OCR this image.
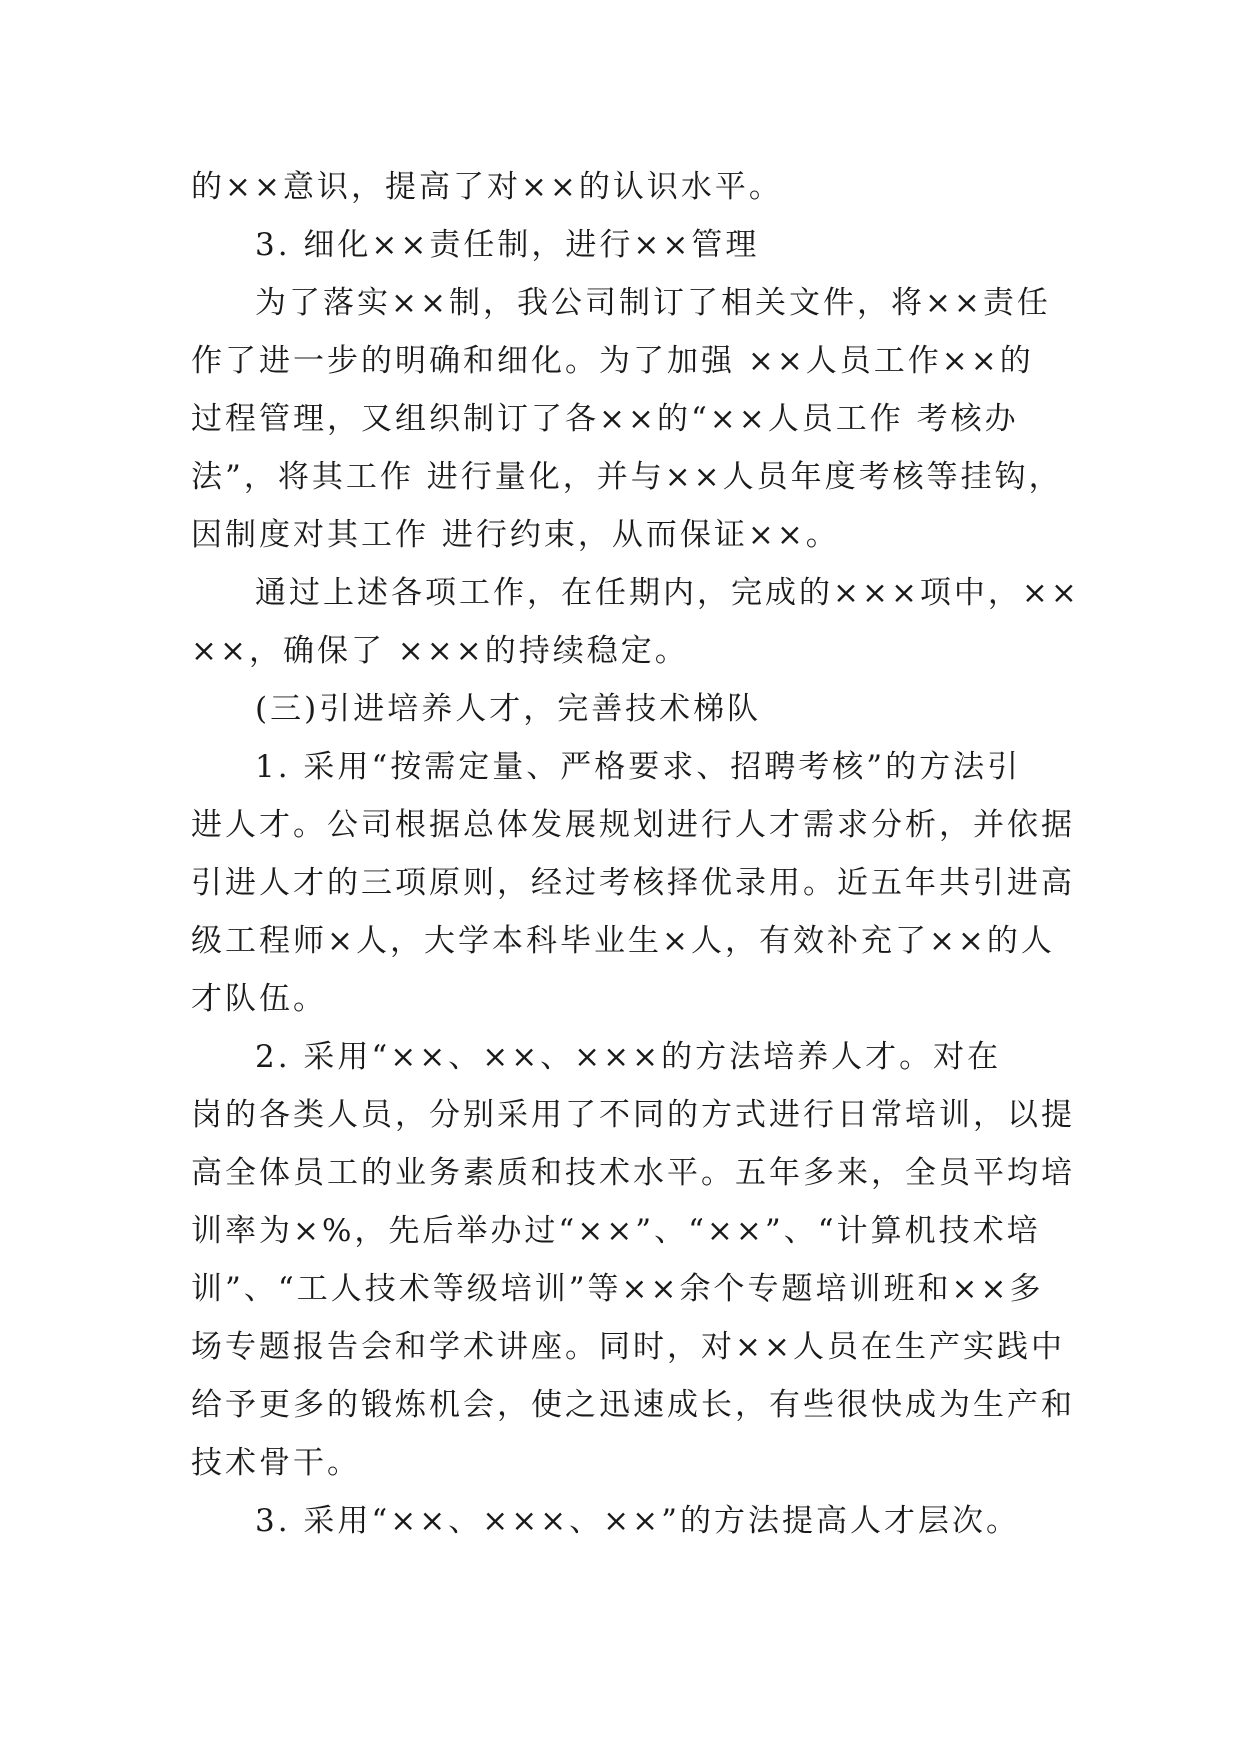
的××意识，提高了对××的认识水平。
3. 细化××责任制，进行××管理
为了落实××制，我公司制订了相关文件，将××责任
作了进一步的明确和细化。为了加强 ××人员工作××的
过程管理，又组织制订了各××的“××人员工作 考核办
法”，将其工作 进行量化，并与××人员年度考核等挂钩，
因制度对其工作 进行约束，从而保证××。
通过上述各项工作，在任期内，完成的×××项中，××
××，确保了 ×××的持续稳定。
(三)引进培养人才，完善技术梯队
1. 采用“按需定量、严格要求、招聘考核”的方法引
进人才。公司根据总体发展规划进行人才需求分析，并依据
引进人才的三项原则，经过考核择优录用。近五年共引进高
级工程师×人，大学本科毕业生×人，有效补充了××的人
才队伍。
2. 采用“××、××、×××的方法培养人才。对在
岗的各类人员，分别采用了不同的方式进行日常培训，以提
高全体员工的业务素质和技术水平。五年多来，全员平均培
训率为×%，先后举办过“××”、“××”、“计算机技术培
训”、“工人技术等级培训”等××余个专题培训班和××多
场专题报告会和学术讲座。同时，对××人员在生产实践中
给予更多的锻炼机会，使之迅速成长，有些很快成为生产和
技术骨干。
3. 采用“××、×××、××”的方法提高人才层次。
